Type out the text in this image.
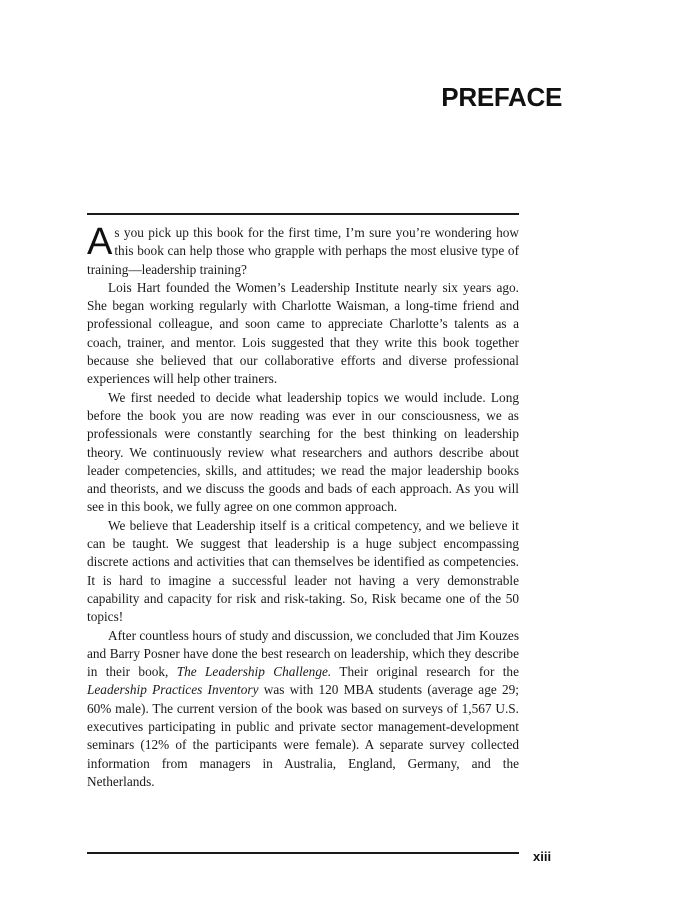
PREFACE

As you pick up this book for the first time, I’m sure you’re wondering how this book can help those who grapple with perhaps the most elusive type of training—leadership training?

Lois Hart founded the Women’s Leadership Institute nearly six years ago. She began working regularly with Charlotte Waisman, a long-time friend and professional colleague, and soon came to appreciate Charlotte’s talents as a coach, trainer, and mentor. Lois suggested that they write this book together because she believed that our collaborative efforts and diverse professional experiences will help other trainers.

We first needed to decide what leadership topics we would include. Long before the book you are now reading was ever in our consciousness, we as professionals were constantly searching for the best thinking on leadership theory. We continuously review what researchers and authors describe about leader competencies, skills, and attitudes; we read the major leadership books and theorists, and we discuss the goods and bads of each approach. As you will see in this book, we fully agree on one common approach.

We believe that Leadership itself is a critical competency, and we believe it can be taught. We suggest that leadership is a huge subject encompassing discrete actions and activities that can themselves be identified as competencies. It is hard to imagine a successful leader not having a very demonstrable capability and capacity for risk and risk-taking. So, Risk became one of the 50 topics!

After countless hours of study and discussion, we concluded that Jim Kouzes and Barry Posner have done the best research on leadership, which they describe in their book, The Leadership Challenge. Their original research for the Leadership Practices Inventory was with 120 MBA students (average age 29; 60% male). The current version of the book was based on surveys of 1,567 U.S. executives participating in public and private sector management-development seminars (12% of the participants were female). A separate survey collected information from managers in Australia, England, Germany, and the Netherlands.

xiii
